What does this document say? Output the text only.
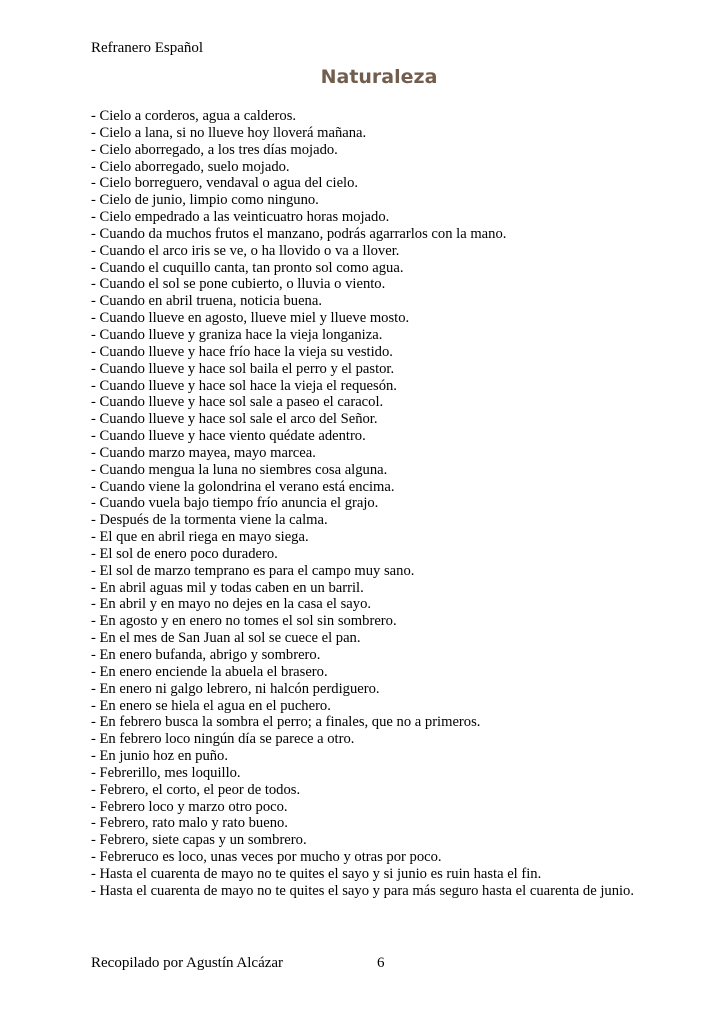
Refranero Español
Naturaleza
- Cielo a corderos, agua a calderos.
- Cielo a lana, si no llueve hoy lloverá mañana.
- Cielo aborregado, a los tres días mojado.
- Cielo aborregado, suelo mojado.
- Cielo borreguero, vendaval o agua del cielo.
- Cielo de junio, limpio como ninguno.
- Cielo empedrado a las veinticuatro horas mojado.
- Cuando da muchos frutos el manzano, podrás agarrarlos con la mano.
- Cuando el arco iris se ve, o ha llovido o va a llover.
- Cuando el cuquillo canta, tan pronto sol como agua.
- Cuando el sol se pone cubierto, o lluvia o viento.
- Cuando en abril truena, noticia buena.
- Cuando llueve en agosto, llueve miel y llueve mosto.
- Cuando llueve y graniza hace la vieja longaniza.
- Cuando llueve y hace frío hace la vieja su vestido.
- Cuando llueve y hace sol baila el perro y el pastor.
- Cuando llueve y hace sol hace la vieja el requesón.
- Cuando llueve y hace sol sale a paseo el caracol.
- Cuando llueve y hace sol sale el arco del Señor.
- Cuando llueve y hace viento quédate adentro.
- Cuando marzo mayea, mayo marcea.
- Cuando mengua la luna no siembres cosa alguna.
- Cuando viene la golondrina el verano está encima.
- Cuando vuela bajo tiempo frío anuncia el grajo.
- Después de la tormenta viene la calma.
- El que en abril riega en mayo siega.
- El sol de enero poco duradero.
- El sol de marzo temprano es para el campo muy sano.
- En abril aguas mil y todas caben en un barril.
- En abril y en mayo no dejes en la casa el sayo.
- En agosto y en enero no tomes el sol sin sombrero.
- En el mes de San Juan al sol se cuece el pan.
- En enero bufanda, abrigo y sombrero.
- En enero enciende la abuela el brasero.
- En enero ni galgo lebrero, ni halcón perdiguero.
- En enero se hiela el agua en el puchero.
- En febrero busca la sombra el perro; a finales, que no a primeros.
- En febrero loco ningún día se parece a otro.
- En junio hoz en puño.
- Febrerillo, mes loquillo.
- Febrero, el corto, el peor de todos.
- Febrero loco y marzo otro poco.
- Febrero, rato malo y rato bueno.
- Febrero, siete capas y un sombrero.
- Febreruco es loco, unas veces por mucho y otras por poco.
- Hasta el cuarenta de mayo no te quites el sayo y si junio es ruin hasta el fin.
- Hasta el cuarenta de mayo no te quites el sayo y para más seguro hasta el cuarenta de junio.
Recopilado por Agustín Alcázar	6
